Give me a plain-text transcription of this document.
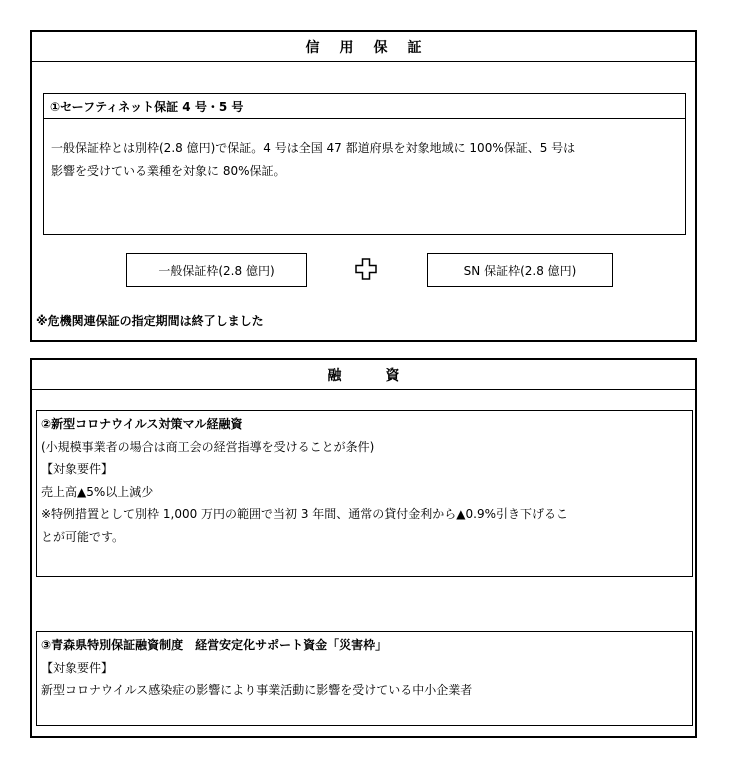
信用保証
①セーフティネット保証 4 号・5 号
一般保証枠とは別枠(2.8 億円)で保証。4 号は全国 47 都道府県を対象地域に 100%保証、5 号は
影響を受けている業種を対象に 80%保証。
一般保証枠(2.8 億円)	SN 保証枠(2.8 億円)
※危機関連保証の指定期間は終了しました
融資
②新型コロナウイルス対策マル経融資
(小規模事業者の場合は商工会の経営指導を受けることが条件)
【対象要件】
売上高▲5%以上減少
※特例措置として別枠 1,000 万円の範囲で当初 3 年間、通常の貸付金利から▲0.9%引き下げるこ
とが可能です。
③青森県特別保証融資制度　経営安定化サポート資金「災害枠」
【対象要件】
新型コロナウイルス感染症の影響により事業活動に影響を受けている中小企業者
